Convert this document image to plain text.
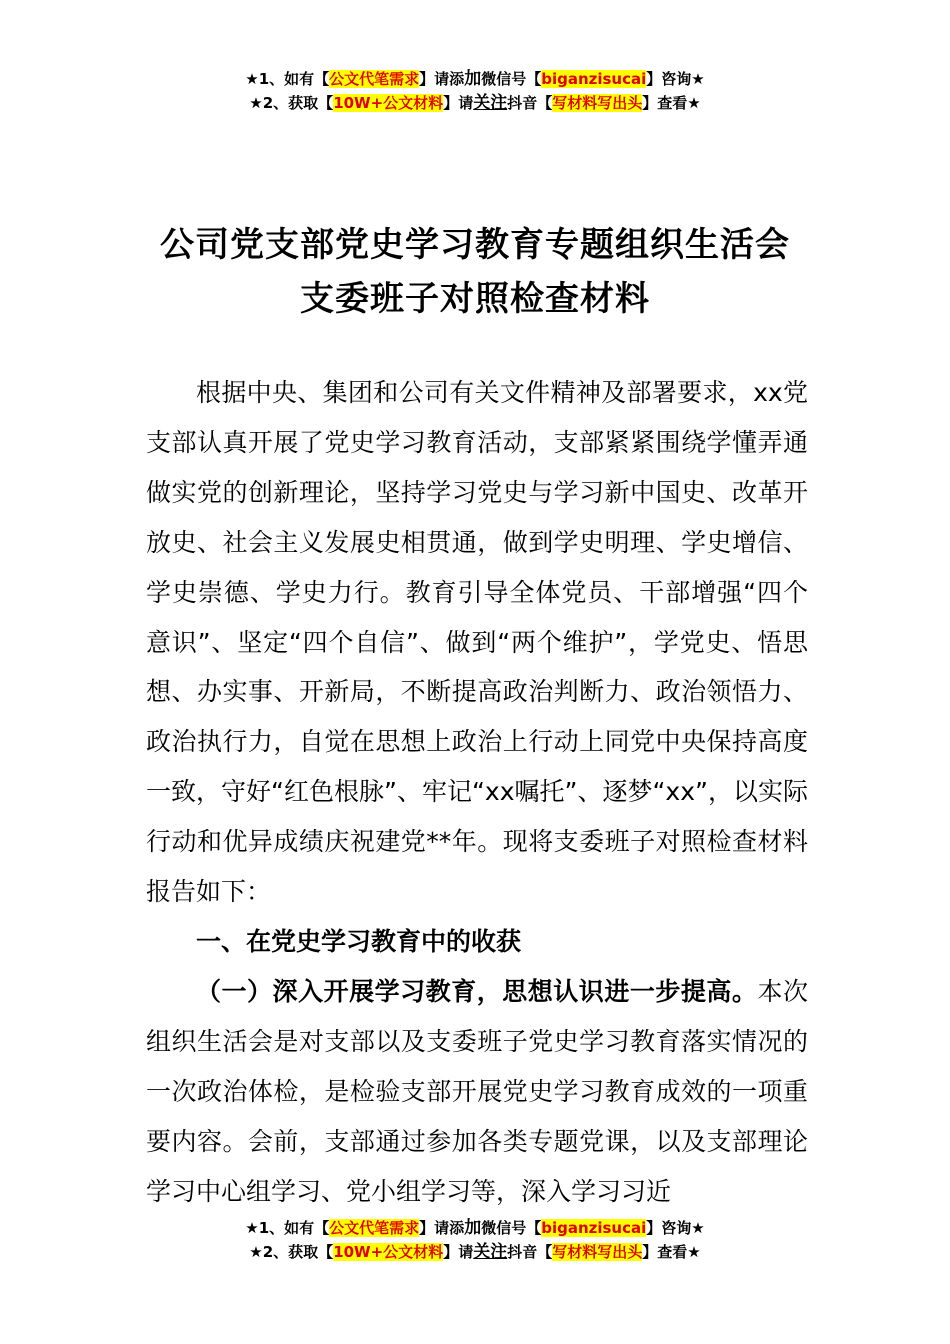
★1、如有【公文代笔需求】请添加微信号【biganzisucai】咨询★
★2、获取【10W+公文材料】请关注抖音【写材料写出头】查看★
公司党支部党史学习教育专题组织生活会
支委班子对照检查材料

根据中央、集团和公司有关文件精神及部署要求，xx党支部认真开展了党史学习教育活动，支部紧紧围绕学懂弄通做实党的创新理论，坚持学习党史与学习新中国史、改革开放史、社会主义发展史相贯通，做到学史明理、学史增信、学史崇德、学史力行。教育引导全体党员、干部增强“四个意识”、坚定“四个自信”、做到“两个维护”，学党史、悟思想、办实事、开新局，不断提高政治判断力、政治领悟力、政治执行力，自觉在思想上政治上行动上同党中央保持高度一致，守好“红色根脉”、牢记“xx嘱托”、逐梦“xx”，以实际行动和优异成绩庆祝建党**年。现将支委班子对照检查材料报告如下：

一、在党史学习教育中的收获

（一）深入开展学习教育，思想认识进一步提高。本次组织生活会是对支部以及支委班子党史学习教育落实情况的一次政治体检，是检验支部开展党史学习教育成效的一项重要内容。会前，支部通过参加各类专题党课，以及支部理论学习中心组学习、党小组学习等，深入学习习近

★1、如有【公文代笔需求】请添加微信号【biganzisucai】咨询★
★2、获取【10W+公文材料】请关注抖音【写材料写出头】查看★
